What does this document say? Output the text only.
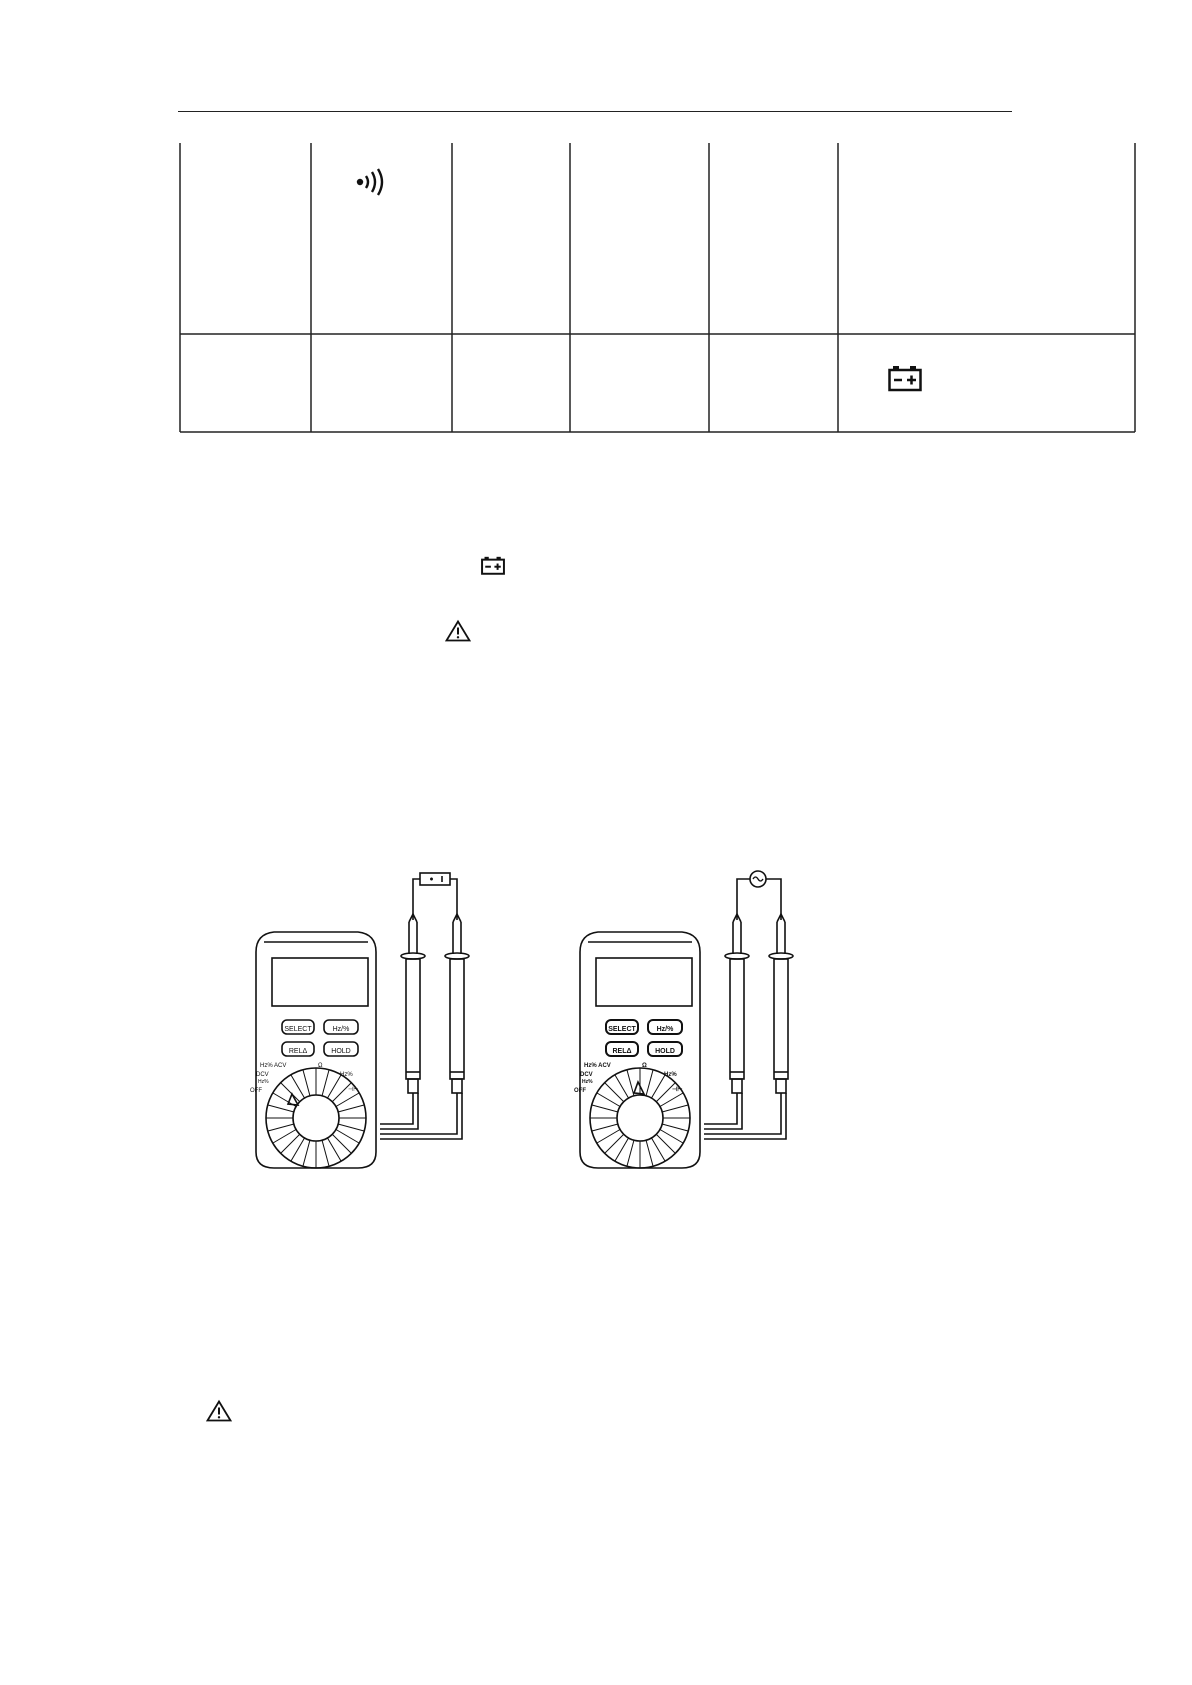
SELECT	Hz/%
RELΔ	HOLD
Hz% ACV
DCV
Hz%
OFF
Ω
Hz%
⊣⊢
SELECT	Hz/%
RELΔ	HOLD
Hz% ACV
DCV
Hz%
OFF
Ω
Hz%
⊣⊢
